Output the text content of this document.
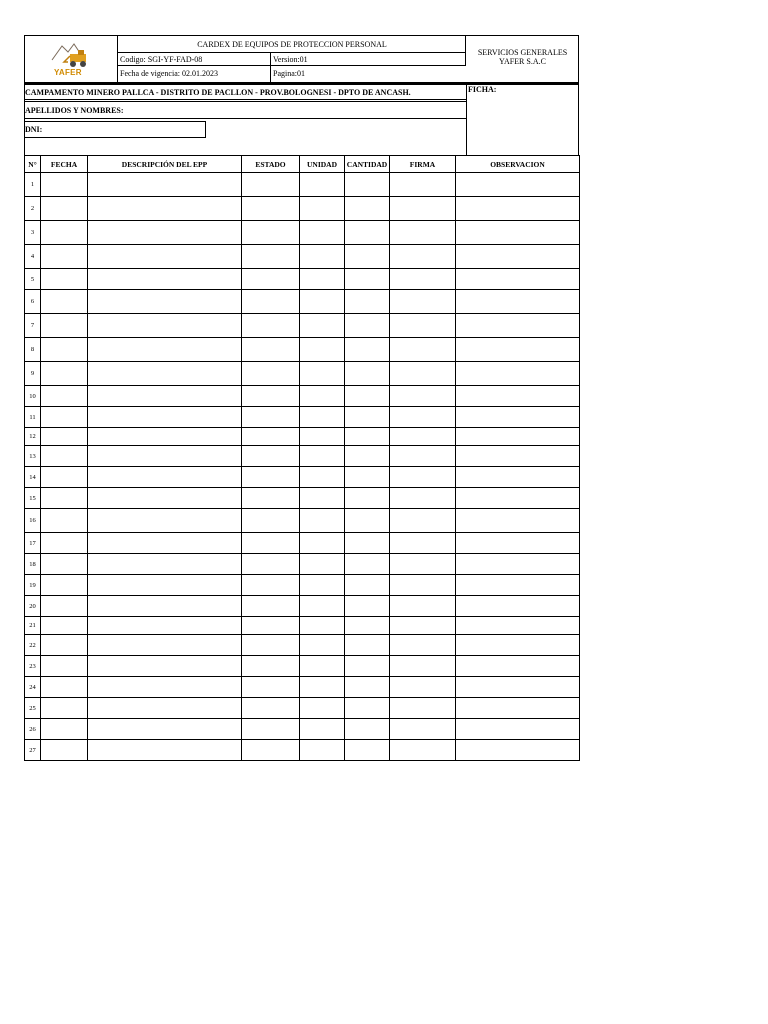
YAFER
CARDEX DE EQUIPOS DE PROTECCION PERSONAL
Codigo: SGI-YF-FAD-08	Version:01
Fecha de vigencia: 02.01.2023	Pagina:01
SERVICIOS GENERALES
YAFER S.A.C
FICHA:
CAMPAMENTO MINERO PALLCA - DISTRITO DE PACLLON - PROV.BOLOGNESI - DPTO DE ANCASH.
APELLIDOS Y NOMBRES:
DNI:
N°	FECHA	DESCRIPCIÓN DEL EPP	ESTADO	UNIDAD	CANTIDAD	FIRMA	OBSERVACION
1							
2							
3							
4							
5							
6							
7							
8							
9							
10							
11							
12							
13							
14							
15							
16							
17							
18							
19							
20							
21							
22							
23							
24							
25							
26							
27							
